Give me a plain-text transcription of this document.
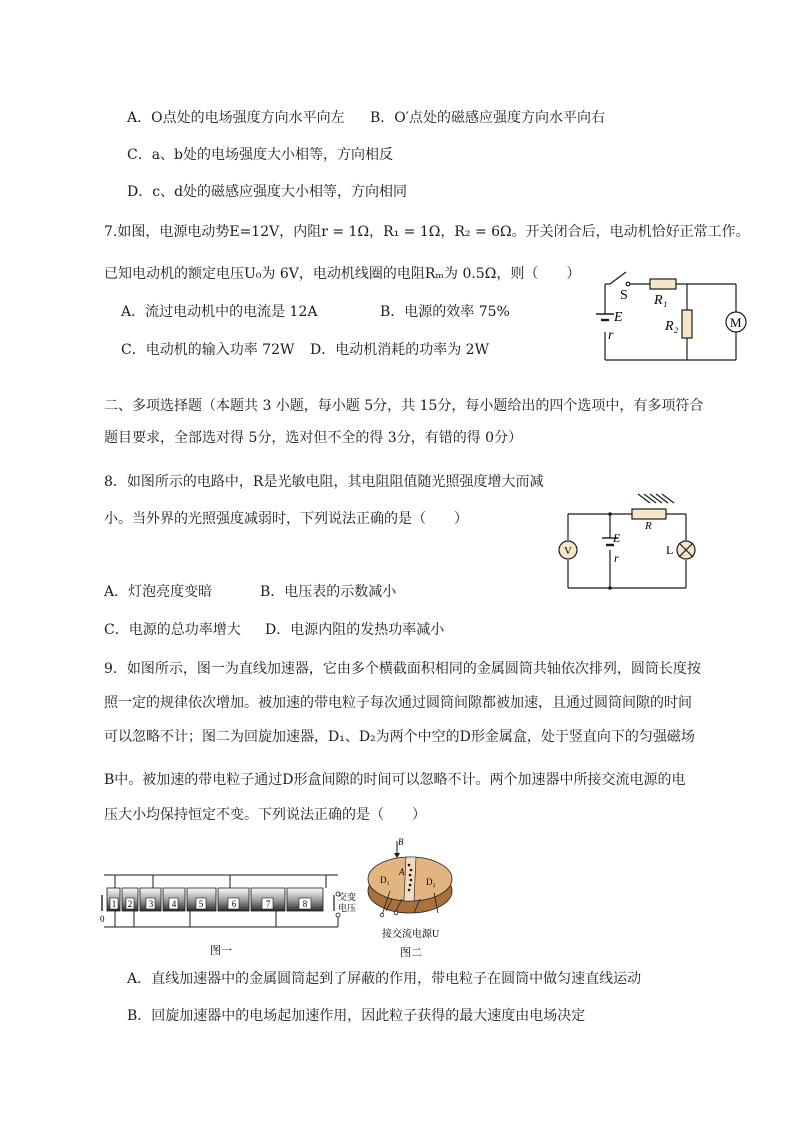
A．O点处的电场强度方向水平向左 B．O′点处的磁感应强度方向水平向右
C．a、b处的电场强度大小相等，方向相反
D．c、d处的磁感应强度大小相等，方向相同
7.如图，电源电动势E=12V，内阻r = 1Ω，R₁ = 1Ω，R₂ = 6Ω。开关闭合后，电动机恰好正常工作。
已知电动机的额定电压U₀为 6V，电动机线圈的电阻Rₘ为 0.5Ω，则（　　）
A．流过电动机中的电流是 12A	B．电源的效率 75%
C．电动机的输入功率 72W D．电动机消耗的功率为 2W
S R₁
R₂
E
r
M
二、多项选择题（本题共 3 小题，每小题 5分，共 15分，每小题给出的四个选项中，有多项符合
题目要求，全部选对得 5分，选对但不全的得 3分，有错的得 0分）
8．如图所示的电路中，R是光敏电阻，其电阻阻值随光照强度增大而减
小。当外界的光照强度减弱时，下列说法正确的是（　　）
A．灯泡亮度变暗	B．电压表的示数减小
C．电源的总功率增大 D．电源内阻的发热功率减小
R
E
r
V	L
9．如图所示，图一为直线加速器，它由多个横截面积相同的金属圆筒共轴依次排列，圆筒长度按
照一定的规律依次增加。被加速的带电粒子每次通过圆筒间隙都被加速，且通过圆筒间隙的时间
可以忽略不计；图二为回旋加速器，D₁、D₂为两个中空的D形金属盒，处于竖直向下的匀强磁场
B中。被加速的带电粒子通过D形盒间隙的时间可以忽略不计。两个加速器中所接交流电源的电
压大小均保持恒定不变。下列说法正确的是（　　）
1 2 3 4	5	6	7	8
0
交变
电压
图一
B
A
D₁	D₂
接交流电源U
图二
A．直线加速器中的金属圆筒起到了屏蔽的作用，带电粒子在圆筒中做匀速直线运动
B．回旋加速器中的电场起加速作用，因此粒子获得的最大速度由电场决定
